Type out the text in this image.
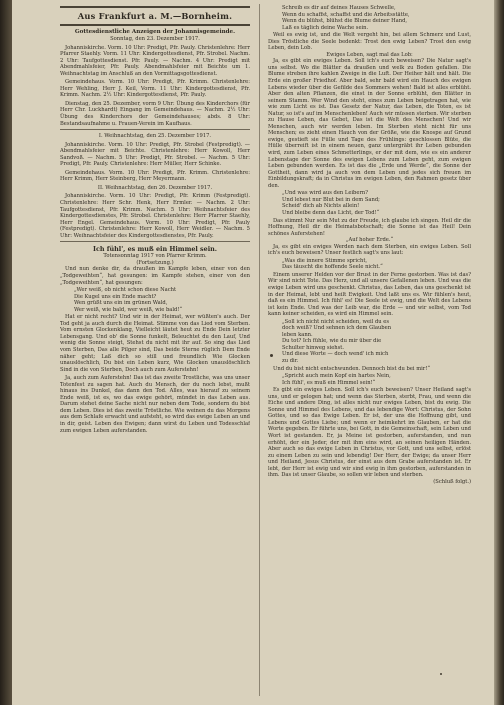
Aus Frankfurt a. M.—Bornheim.
Gottesdienstliche Anzeigen der Johannisgemeinde.
Sonntag, den 23. Dezember 1917.

Johanniskirche. Vorm. 10 Uhr: Predigt, Pfr. Pauly. Christenlehre: Herr Pfarrer Staehly. Vorm. 11 Uhr: Kindergottesdienst, Pfr. Strobel. Nachm. 2 Uhr: Taufgottesdienst. Pfr. Pauly. — Nachm. 4 Uhr: Predigt mit Abendmahlsfeier, Pfr. Pauly. Abendmahlsfeier mit Beichte um 1. Weihnachtstag im Anschluß an den Vormittagsgottesdienst.

Gemeindehaus. Vorm. 10 Uhr: Predigt, Pfr. Krimm. Christenlehre: Herr Wehling, Herr J. Keil, Vorm. 11 Uhr: Kindergottesdienst, Pfr. Krimm. Nachm. 2½ Uhr: Kindergottesdienst, Pfr. Pauly.

Dienstag, den 25. Dezember, vorm 9 Uhr: Übung des Kinderchors (für Herr Chr. Luckhardt) Eingang im Gemeindehaus. — Nachm. 2½ Uhr: Übung des Kinderchors der Gemeindehauses; abds. 8 Uhr: Bestandsaufnahme u. Frauen-Verein im Kaufhaus.

I. Weihnachtstag, den 25. Dezember 1917.

Johanniskirche. Vorm. 10 Uhr: Predigt, Pfr. Strobel (Festpredigt). — Abendmahlsfeier mit Beichte. Christenlehre: Herr Kowoll, Herr Sandvoß. — Nachm. 5 Uhr: Predigt, Pfr. Strobel. — Nachm. 5 Uhr: Predigt, Pfr. Pauly. Christenlehre: Herr Müller, Herr Schinke.

Gemeindehaus. Vorm. 10 Uhr: Predigt, Pfr. Krimm. Christenlehre: Herr Krimm, Herr Steinberg, Herr Meyermann.

II. Weihnachtstag, den 26. Dezember 1917.

Johanniskirche. Vorm. 10 Uhr: Predigt, Pfr. Krimm (Festpredigt). Christenlehre: Herr Schr. Henk, Herr Ermler. — Nachm. 2 Uhr: Taufgottesdienst, Pfr. Krimm. Nachm. 5 Uhr: Weihnachtsfeier des Kindergottesdienstes, Pfr. Strobel. Christenlehre: Herr Pfarrer Staehly, Herr Engel. Gemeindehaus. Vorm. 10 Uhr: Predigt, Pfr. Pauly (Festpredigt). Christenlehre: Herr Kowoll, Herr Weidler. — Nachm. 5 Uhr: Weihnachtsfeier des Kindergottesdienstes, Pfr. Pauly.

Ich fühl', es muß ein Himmel sein.
Totensonntag 1917 von Pfarrer Krimm.
(Fortsetzung.)

Und nun denke dir, da draußen im Kampfe leben, einer von den „Todgeweihten“, hat gesungen: im Kampfe stehen, einer von den „Todgeweihten“, hat gesungen:

„Wer weiß, ob nicht schon diese Nacht
Die Kugel uns ein Ende macht?
Wen grüßt uns ein im grünen Wald,
Wer weiß, wie bald, wer weiß, wie bald!“

Hat er nicht recht? Und wir in der Heimat, wer wüßten's auch. Der Tod geht ja auch durch die Heimat. Stimme von das Lied vom Sterben. Vom ernsten Glockenklang, Vielleicht läutet heut zu Ende Dein letzter Lebensgang. Und ob' die Sonne funkelt, Beleuchtet du den Lauf, Und wenig die Sonne steigt, Stehst du nicht mit ihr auf. So sing das Lied vom Sterben, Das alle Pilger sind, Das beide Sterne rüglich Dem Ende näher geht; Laß dich so still und freundlich Wie Glocken unauslöschlich, Du bist ein Leben kurz, Wie Glocken unauslöschlich Sind in die von Sterben, Doch auch zum Auferstehn!

Ja, auch zum Auferstehn! Das ist das zweite Trostliche, was uns unser Totenfest zu sagen hat. Auch du Mensch, der du noch lebst, mußt hinaus ins Dunkel, das dann den Tod. Alles, was hierauf zu seinem Ende weiß, ist es, wo das ewige gehört, mündet in das Leben aus. Darum stehet deine Sache nicht nur neben dem Tode, sondern du bist dem Leben. Dies ist das zweite Tröstliche. Wie weinen du das Morgens aus dem Schlafe erwacht und aufsteht, so wird das ewige Leben an und in dir, geist. Leben des Ewigen; dann wirst du Leben und Todesschlaf zum ewigen Leben auferstanden.

Schreib es dir auf deines Hauses Schwelle,
Wenn du schaffst, schaffst und die Arbeitsstätte,
Wenn du blühst, blühst die Blume deiner Hand,
Laß es täglich deine Wache sein.

Weil es ewig ist, und die Welt vergeht hin, bei allem Schmerz und Lust, Dies Tröstliche die Seele bedenkt: Trost den ewig Leben? Trost den ewig Leben, dein Lob.

Ewiges Leben, sagt mal das Lob:

Ja, es gibt ein ewiges Leben. Soll ich's euch beweisen? Die Natur sagt's uns selbst. Wo die Blätter da draußen und welk zu Boden gefallen. Die Blume streben ihre kahlen Zweige in die Luft. Der Heiher hält und hält. Die Erde ein großer Friedhof. Aber bald, sehr bald wird ein Hauch des ewigen Lebens wieder über die Gefilde des Sommers wehen! Bald ist alles erblüht. Aber den alten Pflanzen, die einst in der Sonne erblüht, den Blätter in seinem Stamm. Wer Wind den steht, eines zum Leben beigetragen hat, wie wie zum Licht es ist. Das Gesetz der Natur, das Leben, die Toten, es ist Natur, so ist's auf im Menschenleben! Auch wir müssen sterben. Wir sterben zu Hause Leben, das Gebet, Das ist die Welt des Menschen! Und wir Menschen, auch wir werden leben. Im Sterben steht nicht für uns Menschen; es zieht einen Hauch von der Größe, wie die Knospe auf Grund ewige, gestieft sie Fülle und Tage des Frühlings: geschlossen Blüte, die Hülle überreift ist in einem neuen, ganz untergräbt ihr Leben gebunden wird, zum Leben eines Schmetterlings, er der mit dem, wie es ein anderer Lebenstage der Sonne des ewigen Lebens zum Leben geht, zum ewigen Leben gebunden werden. Es ist das die „Erde und Werde“, die Sonne der Gottheit, dann wird ja auch von dem Leben und jedes sich freuen im Einbildungskraft; da in Christus im ewigen Leben, den Rahmen gesetz über den.

„Und was wird aus den Leibern?
Und lebest nur Blut bei in dem Sand;
Scheid' dich ab Nichts allein!
Und bleibe denn das Licht, der Tod!“

Das stimmt Nur sein Mut zu der Freude, ich glaube ich singen. Heil dir die Hoffnung, Heil dir die Heimatsbotschaft; die Sonne ist das Heil! Dein schönes Auferstehen!

„Auf hoher Erde.“

Ja, es gibt ein ewiges Werden nach dem Sterben, ein ewiges Leben. Soll ich's euch beweisen? Unser festlich sagt's uns laut:

„Was die innere Stimme spricht,
Das täuscht die hoffende Seele nicht.“

Einem unserer Helden vor der Brust in der Ferne gestorben. Was ist das? Wir sind nicht Tote. Das Herz, und all unsere Gefallenen leben. Und was die ewige Leben wird uns geschenkt. Christus, das Leben, das uns geschenkt ist in der Heimat, lebt und heilt Ewigkeit. Und laßt uns es. Wir fühlen's heut, daß es ein Himmel. Ich fühl' es! Die Seele ist ewig, und die Welt des Lebens ist kein Ende. Und was der Leib war, die Erde — und wir selbst, vom Tod kann keiner scheiden, es wird ein Himmel sein.

„Soll ich nicht nicht scheiden, weil du es
doch weiß? Und sehnen ich dem Glauben
leben kann.
Du tot? Ich fühle, wie du mir über die
Schulter hinweg siehst.
Und diese Worte — doch wend' ich mich
zu dir.

Und du bist nicht entschwunden. Dennoch bist du bei mir!“

„Spricht auch mein Kopf ein hartes Nein,
Ich fühl', es muß ein Himmel sein!“

Es gibt ein ewiges Leben. Soll ich's euch beweisen? Unser Heiland sagt's uns, und er gelogen hat; und wenn das Sterben, sterbt, Frau, und wenn die Eiche und andere Ding, ist alles nicht nur ewiges Leben, bist du ewig. Die Sonne und Himmel des Lebens, und das lebendige Wort: Christus, der Sohn Gottes, und so das Ewige Leben. Er ist, der uns die Hoffnung gibt, und Lebens und Gottes Liebe; und wenn er heimkehrt im Glauben, er hat die Worte gegeben. Er führte uns, bei Gott, in die Gemeinschaft, sein Leben und Wort ist gestanden. Er, ja Meine ist gestorben, auferstanden, und nun erhöht, der ein Jeder, der mit ihm eins wird, an seinen heiligen Händen. Aber auch so das ewige Leben in Christus, vor Gott, und uns selbst, erlöst zu einem Leben zu sein und lebendig! Der Herr, der Ewige; da unser Herr und Heiland, Jesus Christus, der einst aus dem Grabe auferstanden ist. Er lebt, der Herr ist ewig und wir sind ewig in ihm gestorben, auferstanden in ihm. Das ist unser Glaube, so sollen wir leben und sterben.

(Schluß folgt.)
